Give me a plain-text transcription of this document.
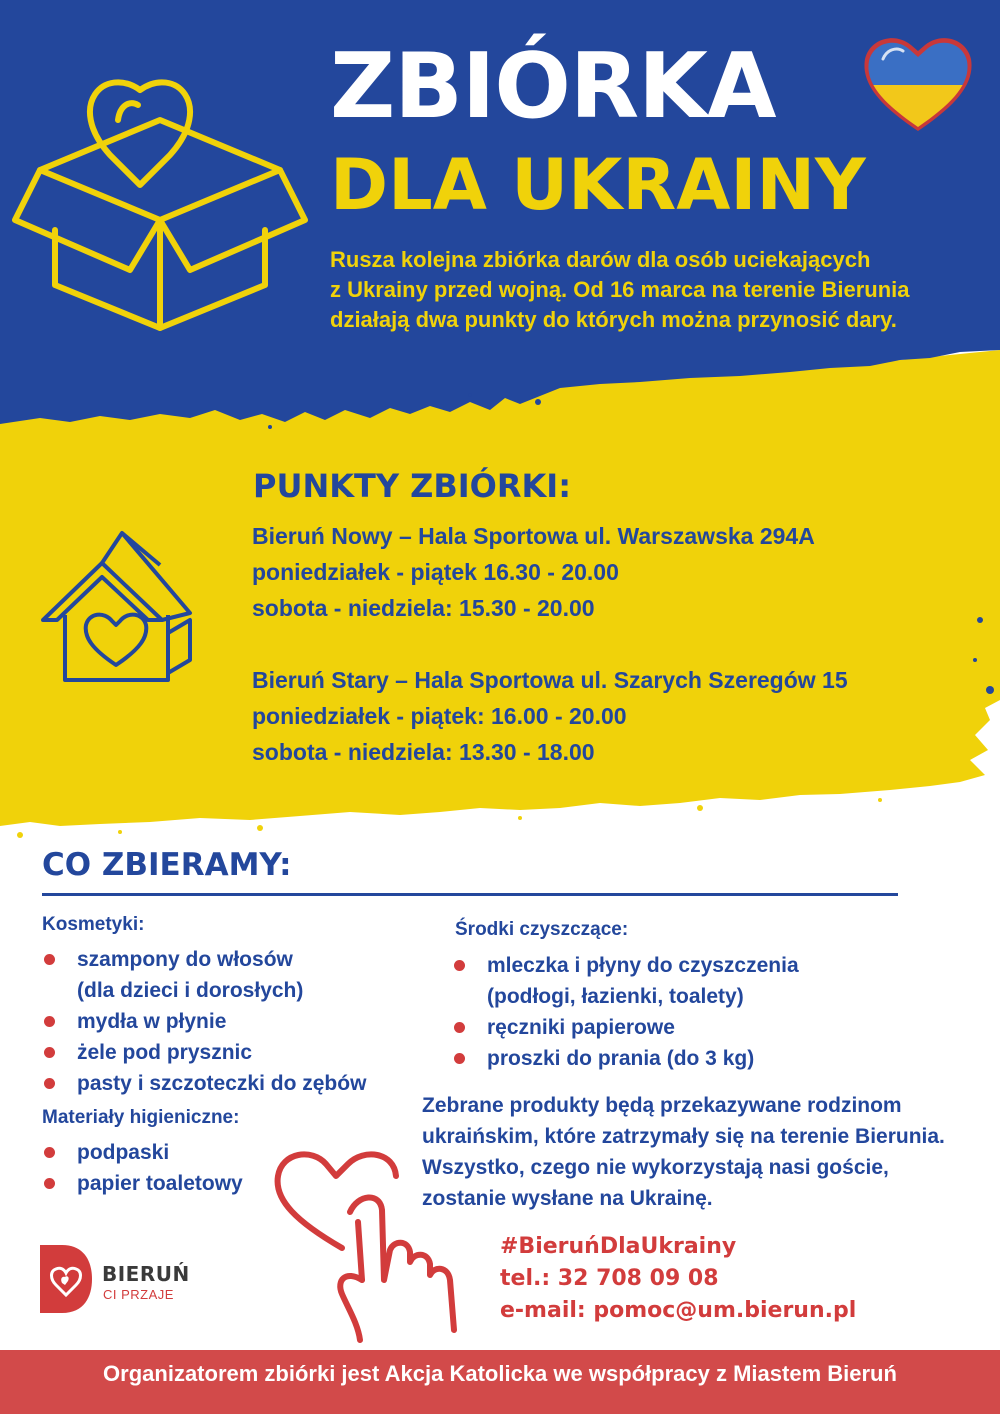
ZBIÓRKA
DLA UKRAINY
Rusza kolejna zbiórka darów dla osób uciekających
z Ukrainy przed wojną. Od 16 marca na terenie Bierunia
działają dwa punkty do których można przynosić dary.
PUNKTY ZBIÓRKI:
Bieruń Nowy – Hala Sportowa ul. Warszawska 294A
poniedziałek - piątek 16.30 - 20.00
sobota - niedziela: 15.30 - 20.00
Bieruń Stary – Hala Sportowa ul. Szarych Szeregów 15
poniedziałek - piątek: 16.00 - 20.00
sobota - niedziela: 13.30 - 18.00
CO ZBIERAMY:
Kosmetyki:
szampony do włosów
(dla dzieci i dorosłych)
mydła w płynie
żele pod prysznic
pasty i szczoteczki do zębów
Materiały higieniczne:
podpaski
papier toaletowy
Środki czyszczące:
mleczka i płyny do czyszczenia
(podłogi, łazienki, toalety)
ręczniki papierowe
proszki do prania (do 3 kg)
Zebrane produkty będą przekazywane rodzinom
ukraińskim, które zatrzymały się na terenie Bierunia.
Wszystko, czego nie wykorzystają nasi goście,
zostanie wysłane na Ukrainę.
#BieruńDlaUkrainy
tel.: 32 708 09 08
e-mail: pomoc@um.bierun.pl
BIERUŃ
CI PRZAJE
Organizatorem zbiórki jest Akcja Katolicka we współpracy z Miastem Bieruń
